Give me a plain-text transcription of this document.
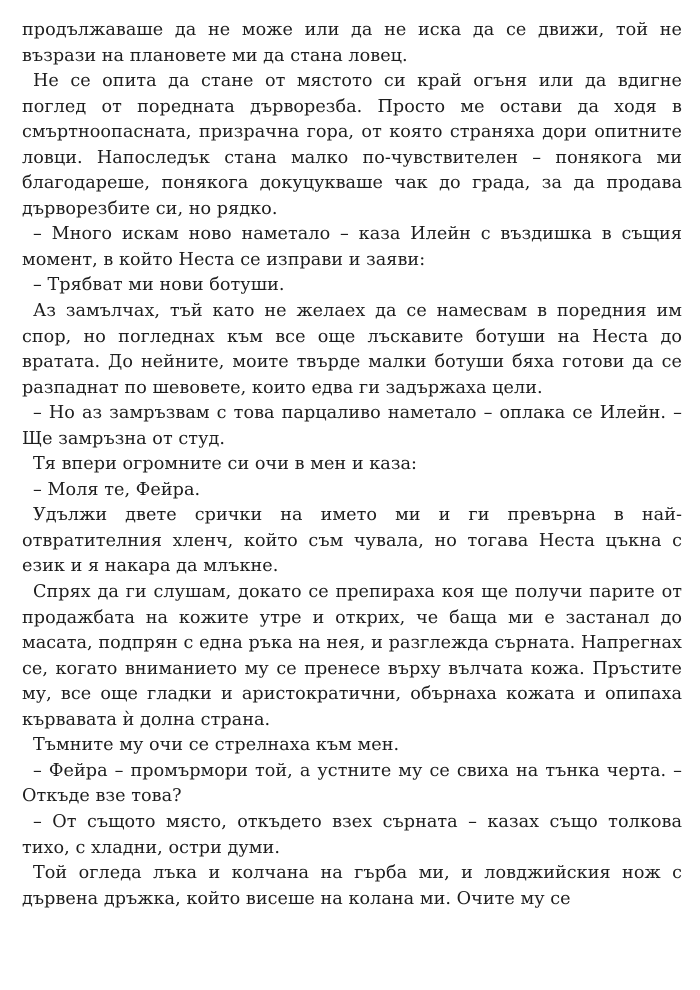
продължаваше да не може или да не иска да се движи, той не възрази на плановете ми да стана ловец.

Не се опита да стане от мястото си край огъня или да вдигне поглед от поредната дърворезба. Просто ме остави да ходя в смъртноопасната, призрачна гора, от която страняха дори опитните ловци. Напоследък стана малко по-чувствителен – понякога ми благодареше, понякога докуцукваше чак до града, за да продава дърворезбите си, но рядко.

– Много искам ново наметало – каза Илейн с въздишка в същия момент, в който Неста се изправи и заяви:

– Трябват ми нови ботуши.

Аз замълчах, тъй като не желаех да се намесвам в поредния им спор, но погледнах към все още лъскавите ботуши на Неста до вратата. До нейните, моите твърде малки ботуши бяха готови да се разпаднат по шевовете, които едва ги задържаха цели.

– Но аз замръзвам с това парцаливо наметало – оплака се Илейн. – Ще замръзна от студ.

Тя впери огромните си очи в мен и каза:

– Моля те, Фейра.

Удължи двете срички на името ми и ги превърна в най-отвратителния хленч, който съм чувала, но тогава Неста цъкна с език и я накара да млъкне.

Спрях да ги слушам, докато се препираха коя ще получи парите от продажбата на кожите утре и открих, че баща ми е застанал до масата, подпрян с една ръка на нея, и разглежда сърната. Напрегнах се, когато вниманието му се пренесе върху вълчата кожа. Пръстите му, все още гладки и аристократични, обърнаха кожата и опипаха кървавата ѝ долна страна.

Тъмните му очи се стрелнаха към мен.

– Фейра – промърмори той, а устните му се свиха на тънка черта. – Откъде взе това?

– От същото място, откъдето взех сърната – казах също толкова тихо, с хладни, остри думи.

Той огледа лъка и колчана на гърба ми, и ловджийския нож с дървена дръжка, който висеше на колана ми. Очите му се
